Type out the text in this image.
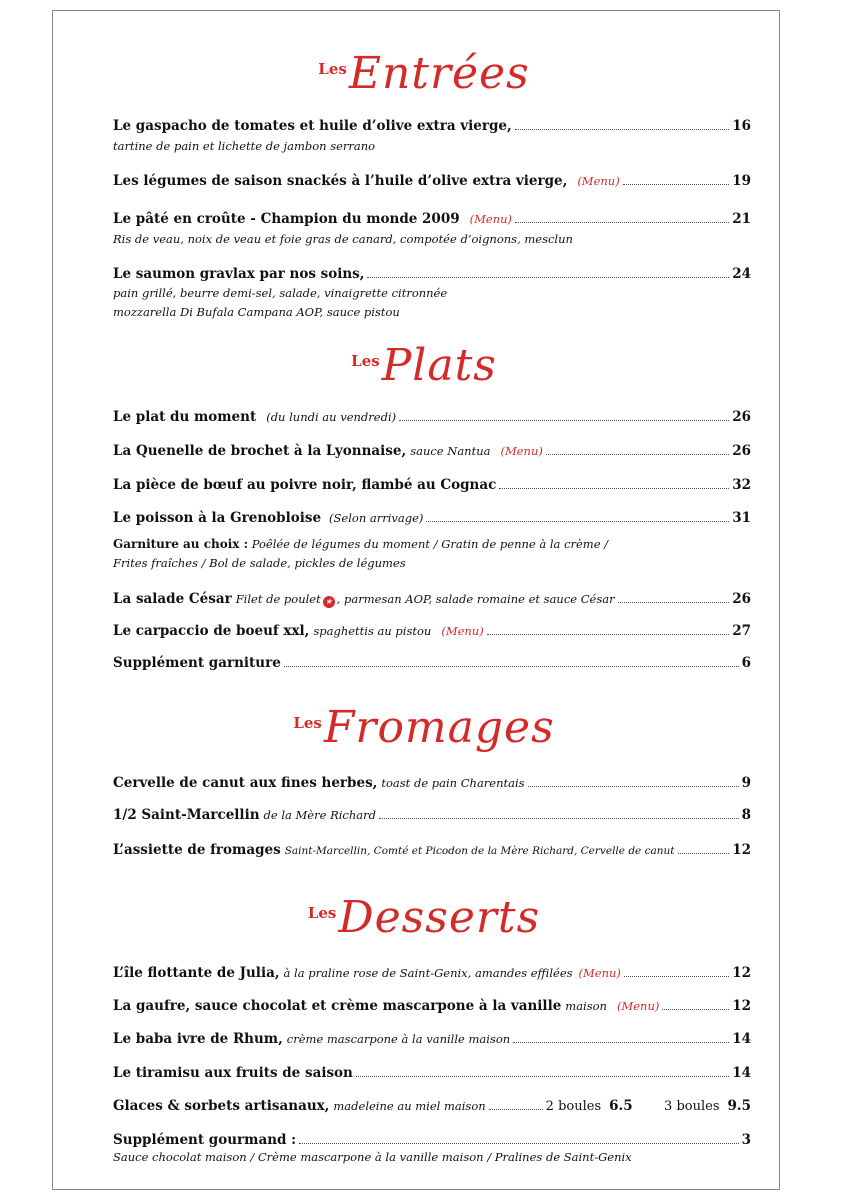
LesEntrées
Le gaspacho de tomates et huile d’olive extra vierge,	16
tartine de pain et lichette de jambon serrano
Les légumes de saison snackés à l’huile d’olive extra vierge, (Menu)	19
Le pâté en croûte - Champion du monde 2009 (Menu)	21
Ris de veau, noix de veau et foie gras de canard, compotée d’oignons, mesclun
Le saumon gravlax par nos soins,	24
pain grillé, beurre demi-sel, salade, vinaigrette citronnée
mozzarella Di Bufala Campana AOP, sauce pistou
LesPlats
Le plat du moment (du lundi au vendredi)	26
La Quenelle de brochet à la Lyonnaise, sauce Nantua (Menu)	26
La pièce de bœuf au poivre noir, flambé au Cognac	32
Le poisson à la Grenobloise (Selon arrivage)	31
Garniture au choix : Poêlée de légumes du moment / Gratin de penne à la crème /
Frites fraîches / Bol de salade, pickles de légumes
La salade César Filet de poulet ★ , parmesan AOP, salade romaine et sauce César	26
Le carpaccio de boeuf xxl, spaghettis au pistou (Menu)	27
Supplément garniture	6
LesFromages
Cervelle de canut aux fines herbes, toast de pain Charentais	9
1/2 Saint-Marcellin de la Mère Richard	8
L’assiette de fromages Saint-Marcellin, Comté et Picodon de la Mère Richard, Cervelle de canut	12
LesDesserts
L’île flottante de Julia, à la praline rose de Saint-Genix, amandes effilées (Menu)	12
La gaufre, sauce chocolat et crème mascarpone à la vanille maison (Menu)	12
Le baba ivre de Rhum, crème mascarpone à la vanille maison	14
Le tiramisu aux fruits de saison	14
Glaces & sorbets artisanaux, madeleine au miel maison	2 boules 6.5 3 boules 9.5
Supplément gourmand :	3
Sauce chocolat maison / Crème mascarpone à la vanille maison / Pralines de Saint-Genix
